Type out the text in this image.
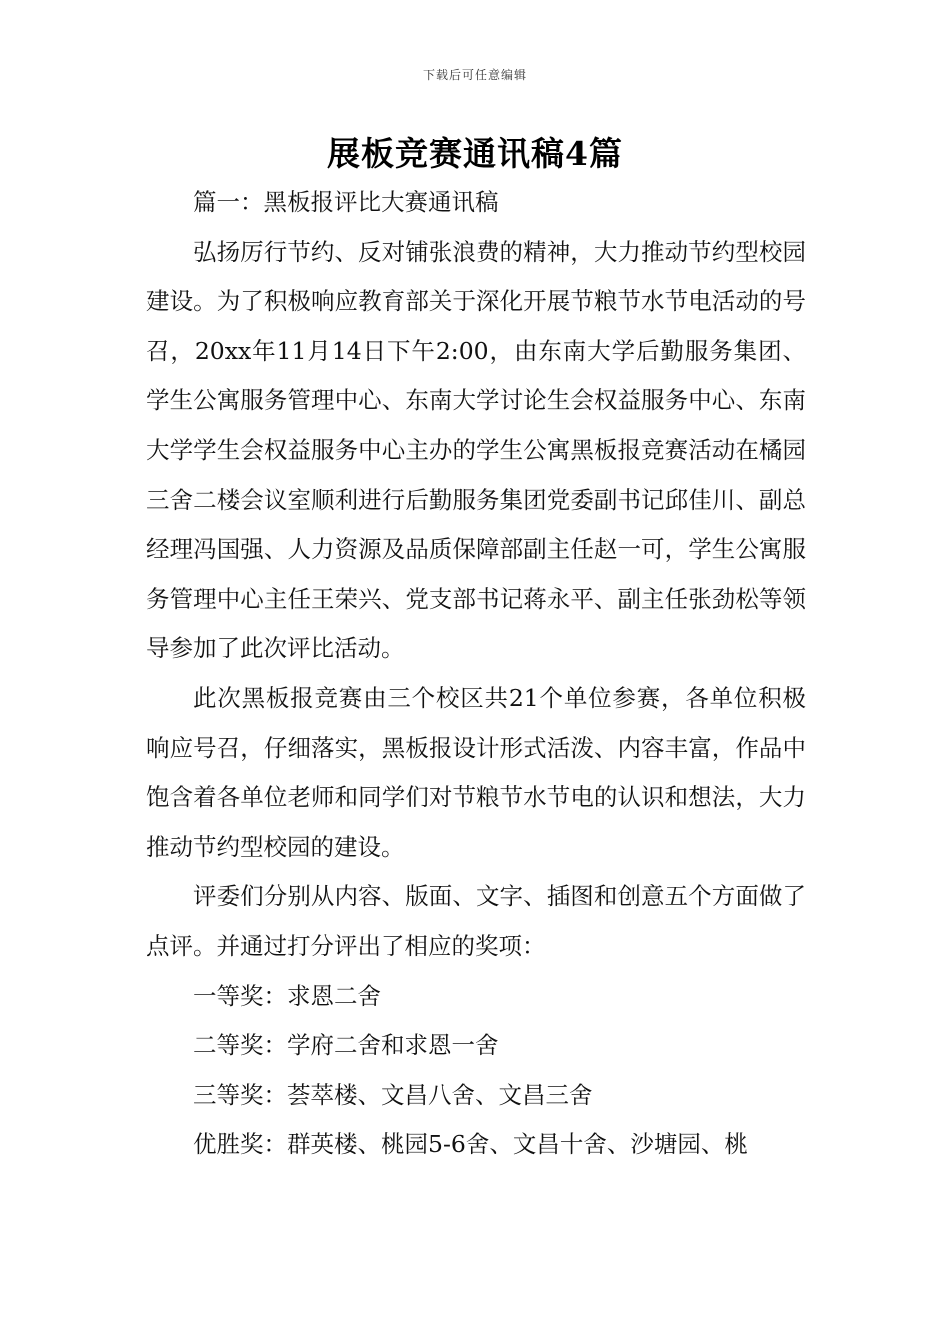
下载后可任意编辑
展板竞赛通讯稿4篇

篇一：黑板报评比大赛通讯稿

弘扬厉行节约、反对铺张浪费的精神，大力推动节约型校园建设。为了积极响应教育部关于深化开展节粮节水节电活动的号召，20xx年11月14日下午2:00，由东南大学后勤服务集团、学生公寓服务管理中心、东南大学讨论生会权益服务中心、东南大学学生会权益服务中心主办的学生公寓黑板报竞赛活动在橘园三舍二楼会议室顺利进行后勤服务集团党委副书记邱佳川、副总经理冯国强、人力资源及品质保障部副主任赵一可，学生公寓服务管理中心主任王荣兴、党支部书记蒋永平、副主任张劲松等领导参加了此次评比活动。

此次黑板报竞赛由三个校区共21个单位参赛，各单位积极响应号召，仔细落实，黑板报设计形式活泼、内容丰富，作品中饱含着各单位老师和同学们对节粮节水节电的认识和想法，大力推动节约型校园的建设。

评委们分别从内容、版面、文字、插图和创意五个方面做了点评。并通过打分评出了相应的奖项：

一等奖：求恩二舍

二等奖：学府二舍和求恩一舍

三等奖：荟萃楼、文昌八舍、文昌三舍

优胜奖：群英楼、桃园5-6舍、文昌十舍、沙塘园、桃
